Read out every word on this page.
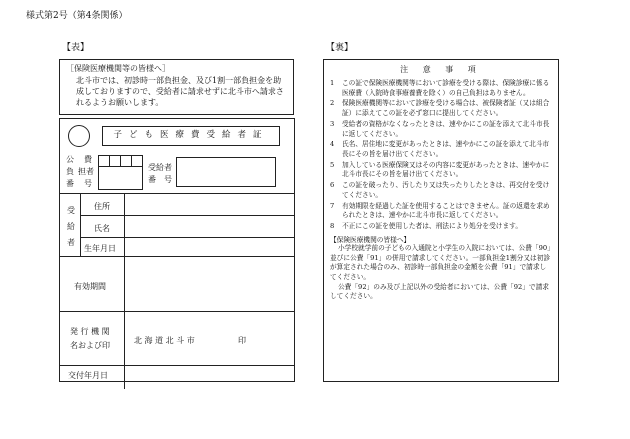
様式第2号（第4条関係）
【表】	【裏】
［保険医療機関等の皆様へ］
北斗市では、初診時一部負担金、及び1割一部負担金を助成しておりますので、受給者に請求せずに北斗市へ請求されるようお願いします。
子ども医療費受給者証
公
負
番
費
担者
号
受給者
番　号
受給者
住所
氏名
生年月日
有効期間
発 行 機 関
名および印
北 海 道 北 斗 市	印
交付年月日
注 意 事 項
1	この証で保険医療機関等において診療を受ける際は、保険診療に係る医療費（入院時食事療養費を除く）の自己負担はありません。
2	保険医療機関等において診療を受ける場合は、被保険者証（又は組合証）に添えてこの証を必ず窓口に提出してください。
3	受給者の資格がなくなったときは、速やかにこの証を添えて北斗市長に返してください。
4	氏名、居住地に変更があったときは、速やかにこの証を添えて北斗市長にその旨を届け出てください。
5	加入している医療保険又はその内容に変更があったときは、速やかに北斗市長にその旨を届け出てください。
6	この証を破ったり、汚したり又は失ったりしたときは、再交付を受けてください。
7	有効期限を経過した証を使用することはできません。証の返還を求められたときは、速やかに北斗市長に返してください。
8	不正にこの証を使用した者は、刑法により処分を受けます。
【保険医療機関の皆様へ】
小学校就学前の子どもの入通院と小学生の入院においては、公費「90」並びに公費「91」の併用で請求してください。一部負担金1割分又は初診が算定された場合のみ、初診時一部負担金の金額を公費「91」で請求してください。
公費「92」のみ及び上記以外の受給者においては、公費「92」で請求してください。
